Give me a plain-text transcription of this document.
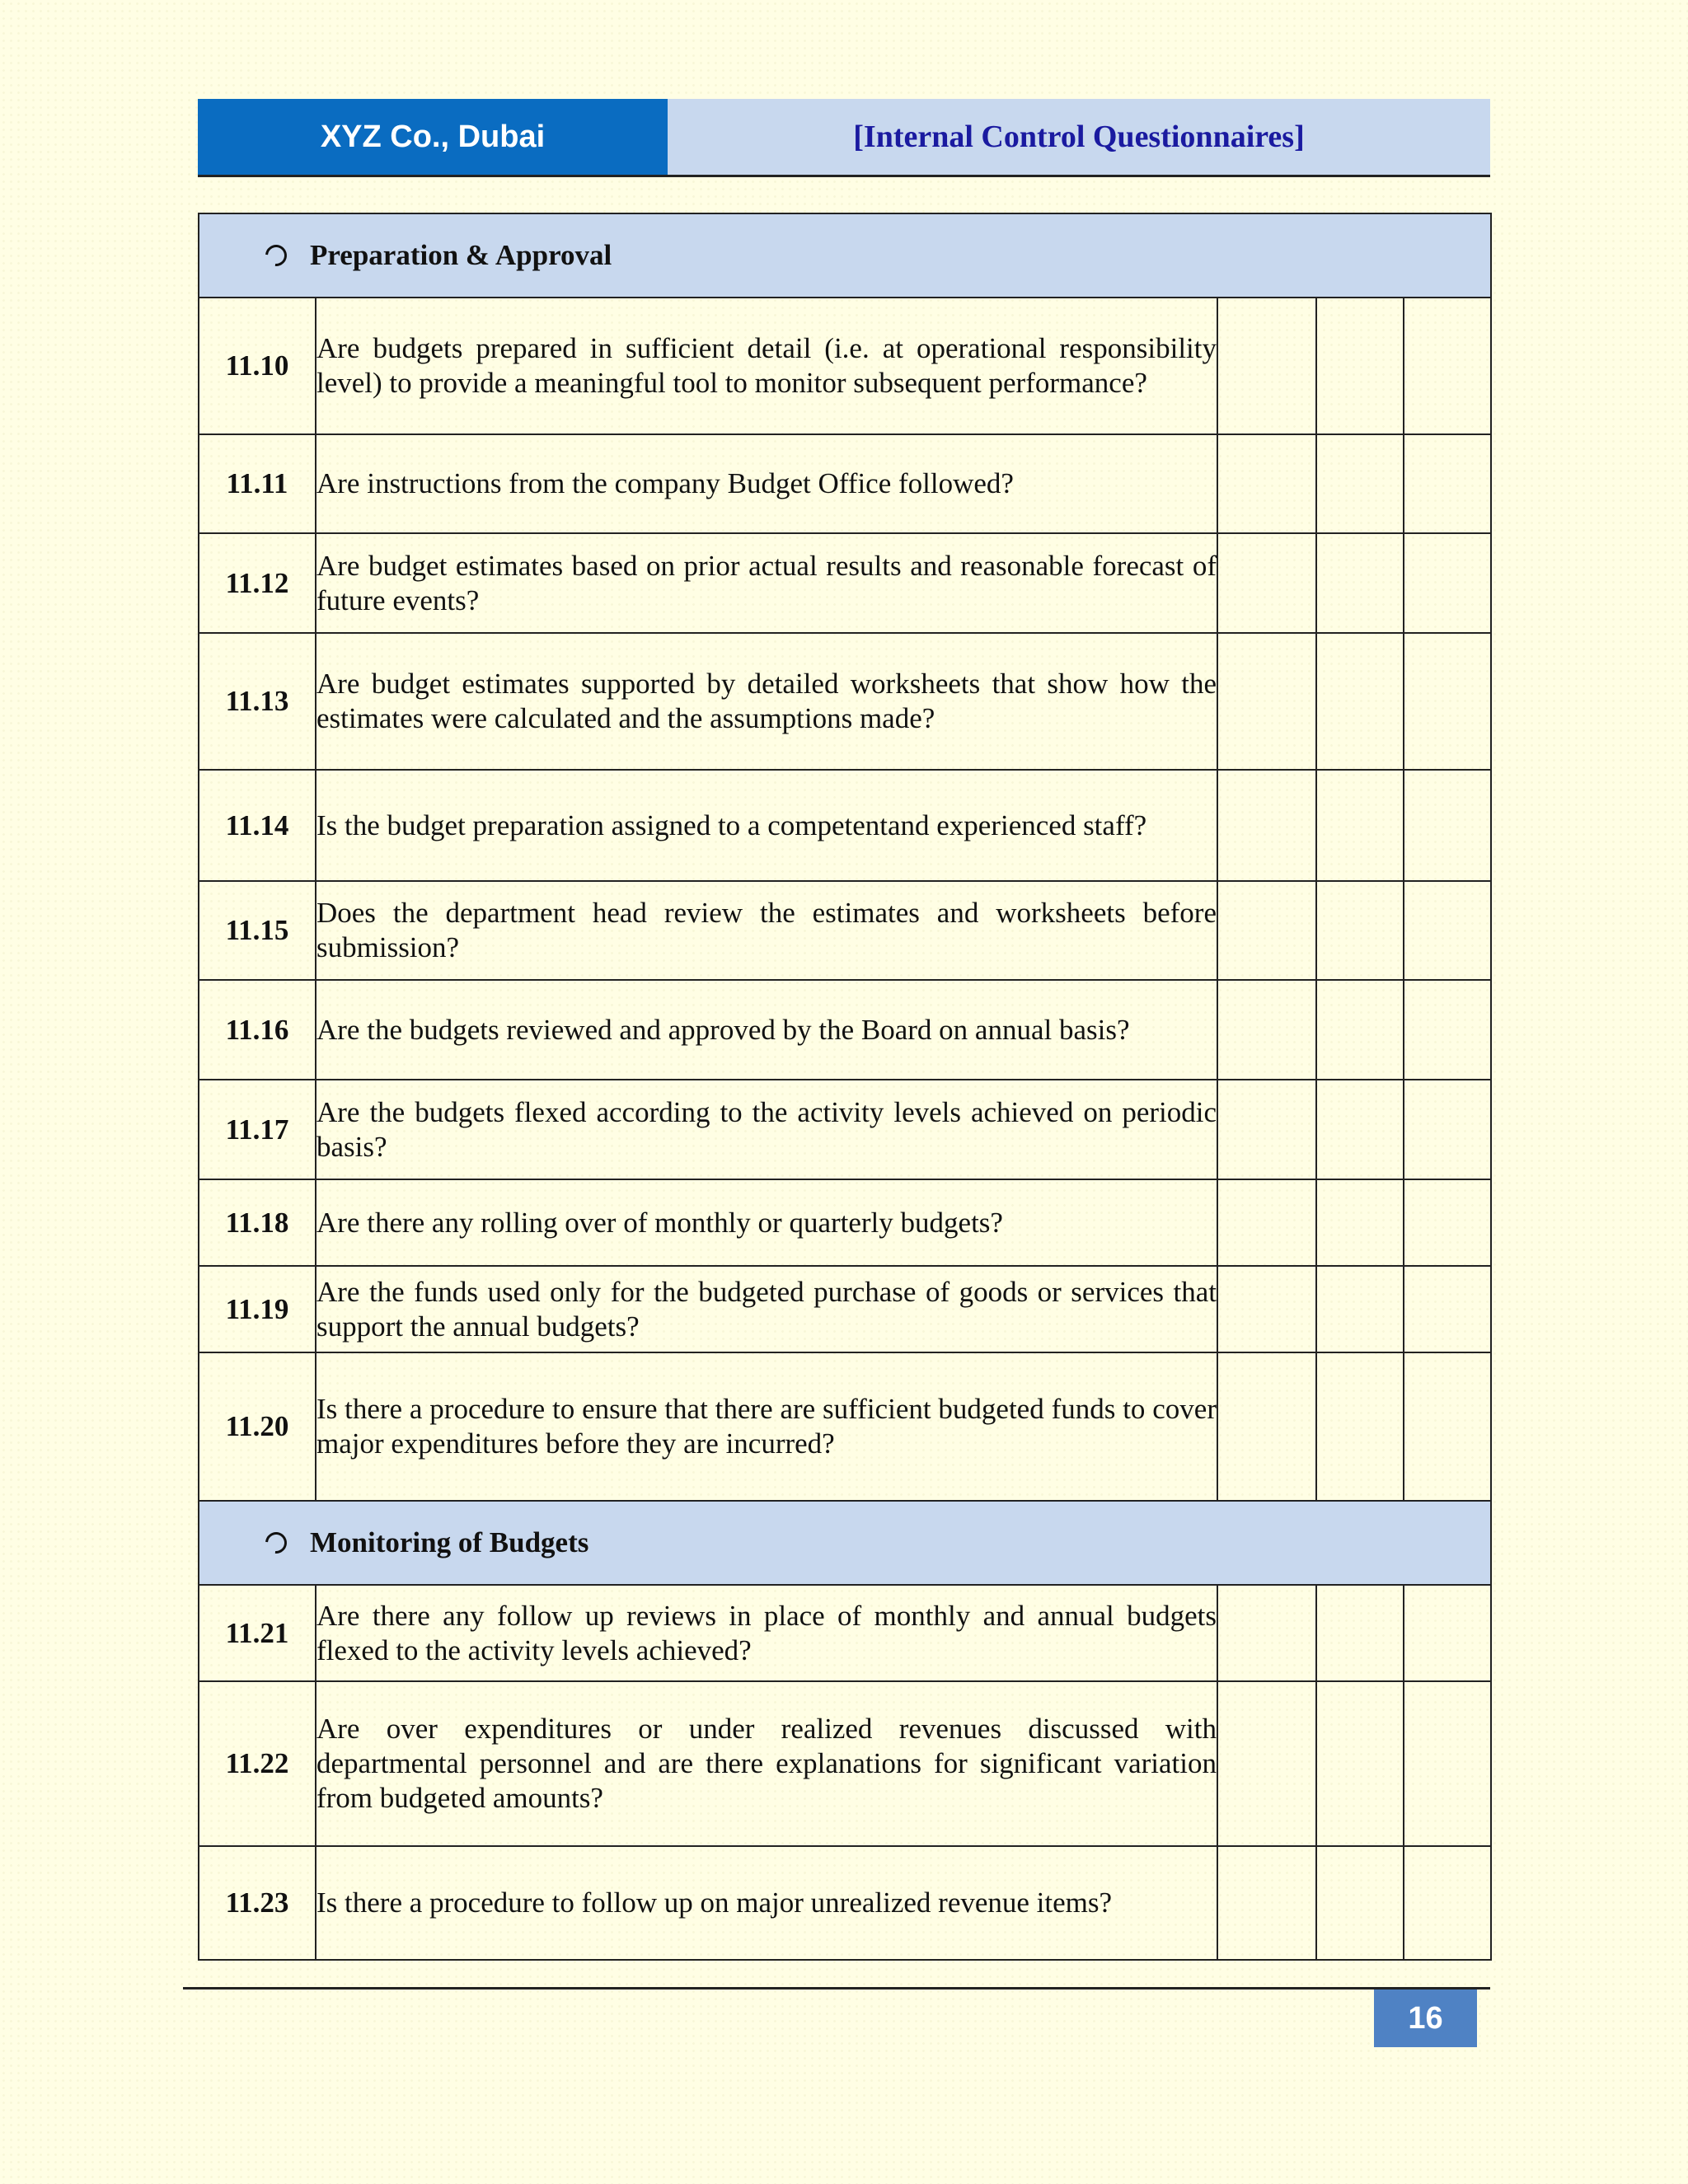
XYZ Co., Dubai	[Internal Control Questionnaires]
Preparation & Approval				

11.10	Are budgets prepared in sufficient detail (i.e. at operational responsibility level) to provide a meaningful tool to monitor subsequent performance?			
11.11	Are instructions from the company Budget Office followed?			
11.12	Are budget estimates based on prior actual results and reasonable forecast of future events?			
11.13	Are budget estimates supported by detailed worksheets that show how the estimates were calculated and the assumptions made?			
11.14	Is the budget preparation assigned to a competentand experienced staff?			
11.15	Does the department head review the estimates and worksheets before submission?			
11.16	Are the budgets reviewed and approved by the Board on annual basis?			
11.17	Are the budgets flexed according to the activity levels achieved on periodic basis?			
11.18	Are there any rolling over of monthly or quarterly budgets?			
11.19	Are the funds used only for the budgeted purchase of goods or services that support the annual budgets?			
11.20	Is there a procedure to ensure that there are sufficient budgeted funds to cover major expenditures before they are incurred?			

Monitoring of Budgets				

11.21	Are there any follow up reviews in place of monthly and annual budgets flexed to the activity levels achieved?			
11.22	Are over expenditures or under realized revenues discussed with departmental personnel and are there explanations for significant variation from budgeted amounts?			
11.23	Is there a procedure to follow up on major unrealized revenue items?			
16
